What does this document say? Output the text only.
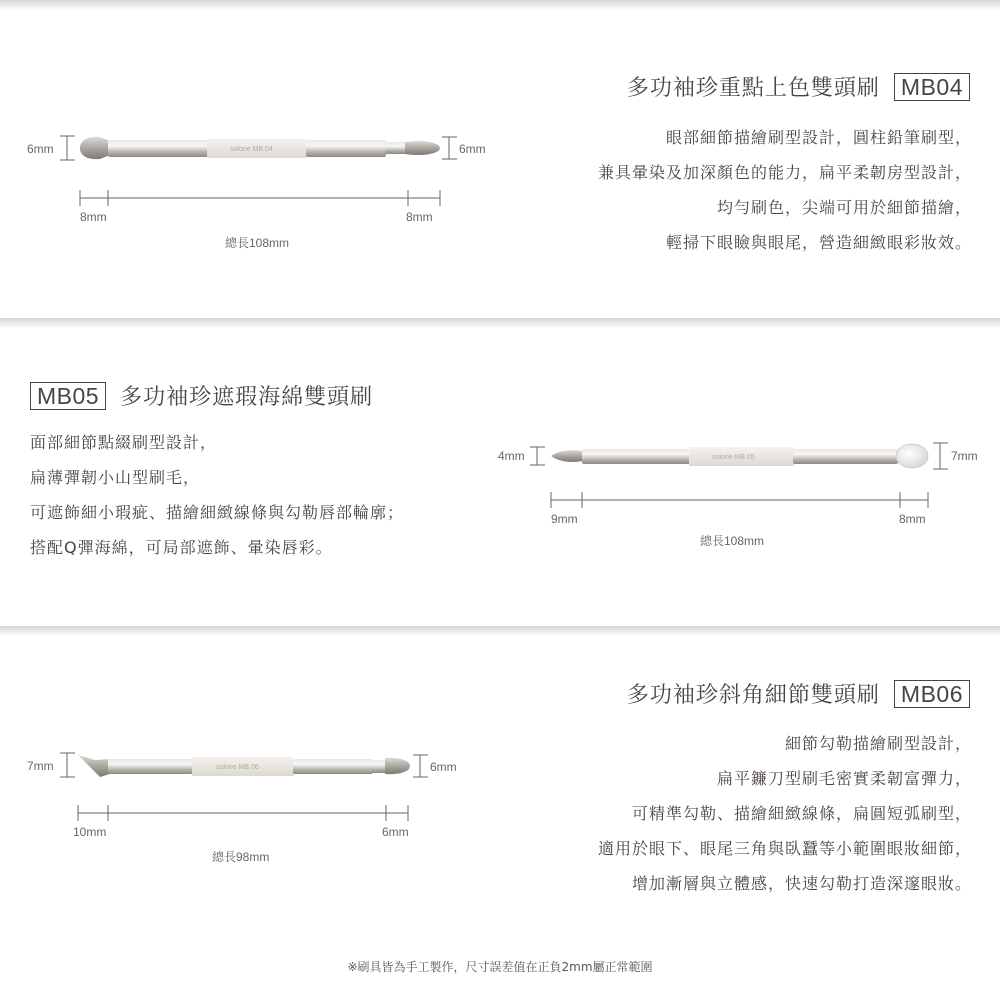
多功袖珍重點上色雙頭刷 MB04
眼部細節描繪刷型設計，圓柱鉛筆刷型，
兼具暈染及加深顏色的能力，扁平柔韌房型設計，
均勻刷色，尖端可用於細節描繪，
輕掃下眼瞼與眼尾，營造細緻眼彩妝效。
solone MB 04
6mm	6mm
8mm	8mm
總長108mm
MB05 多功袖珍遮瑕海綿雙頭刷
面部細節點綴刷型設計，
扁薄彈韌小山型刷毛，
可遮飾細小瑕疵、描繪細緻線條與勾勒唇部輪廓；
搭配Q彈海綿，可局部遮飾、暈染唇彩。
solone MB 05
4mm	7mm
9mm	8mm
總長108mm
多功袖珍斜角細節雙頭刷 MB06
細節勾勒描繪刷型設計，
扁平鐮刀型刷毛密實柔韌富彈力，
可精準勾勒、描繪細緻線條，扁圓短弧刷型，
適用於眼下、眼尾三角與臥蠶等小範圍眼妝細節，
增加漸層與立體感，快速勾勒打造深邃眼妝。
solone MB 06
7mm	6mm
10mm	6mm
總長98mm
※刷具皆為手工製作，尺寸誤差值在正負2mm屬正常範圍
